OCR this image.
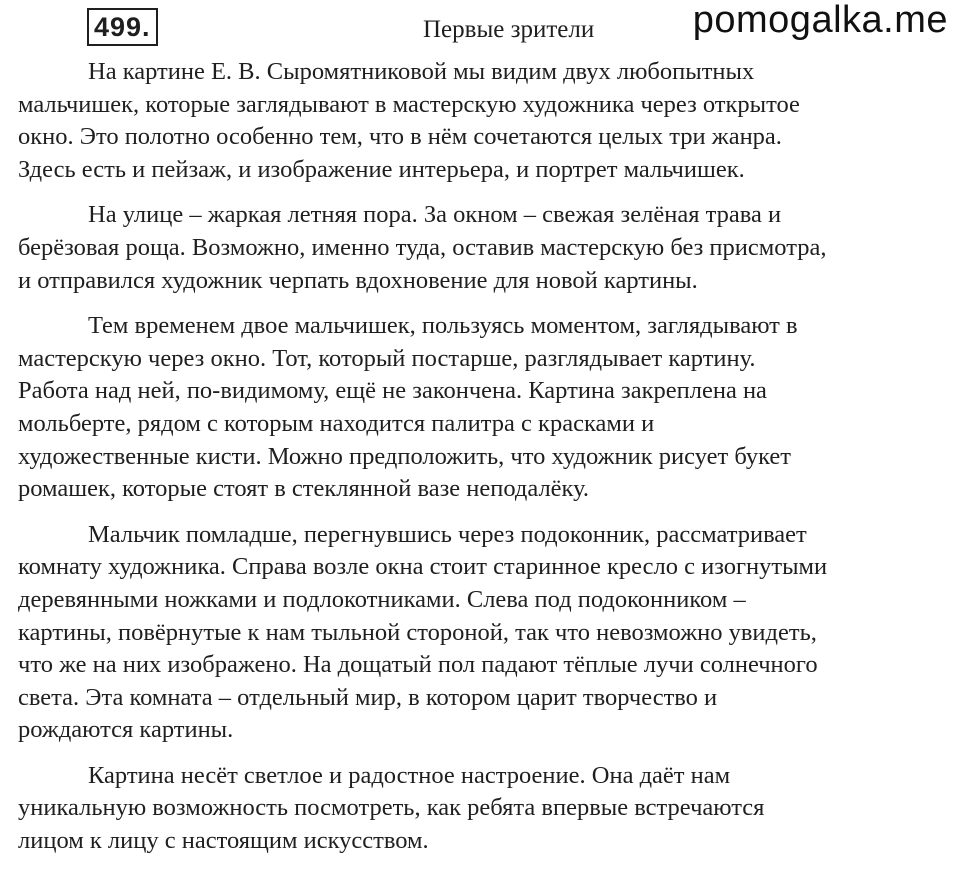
499.	Первые зрители	pomogalka.me

На картине Е. В. Сыромятниковой мы видим двух любопытных
мальчишек, которые заглядывают в мастерскую художника через открытое
окно. Это полотно особенно тем, что в нём сочетаются целых три жанра.
Здесь есть и пейзаж, и изображение интерьера, и портрет мальчишек.

На улице – жаркая летняя пора. За окном – свежая зелёная трава и
берёзовая роща. Возможно, именно туда, оставив мастерскую без присмотра,
и отправился художник черпать вдохновение для новой картины.

Тем временем двое мальчишек, пользуясь моментом, заглядывают в
мастерскую через окно. Тот, который постарше, разглядывает картину.
Работа над ней, по-видимому, ещё не закончена. Картина закреплена на
мольберте, рядом с которым находится палитра с красками и
художественные кисти. Можно предположить, что художник рисует букет
ромашек, которые стоят в стеклянной вазе неподалёку.

Мальчик помладше, перегнувшись через подоконник, рассматривает
комнату художника. Справа возле окна стоит старинное кресло с изогнутыми
деревянными ножками и подлокотниками. Слева под подоконником –
картины, повёрнутые к нам тыльной стороной, так что невозможно увидеть,
что же на них изображено. На дощатый пол падают тёплые лучи солнечного
света. Эта комната – отдельный мир, в котором царит творчество и
рождаются картины.

Картина несёт светлое и радостное настроение. Она даёт нам
уникальную возможность посмотреть, как ребята впервые встречаются
лицом к лицу с настоящим искусством.
